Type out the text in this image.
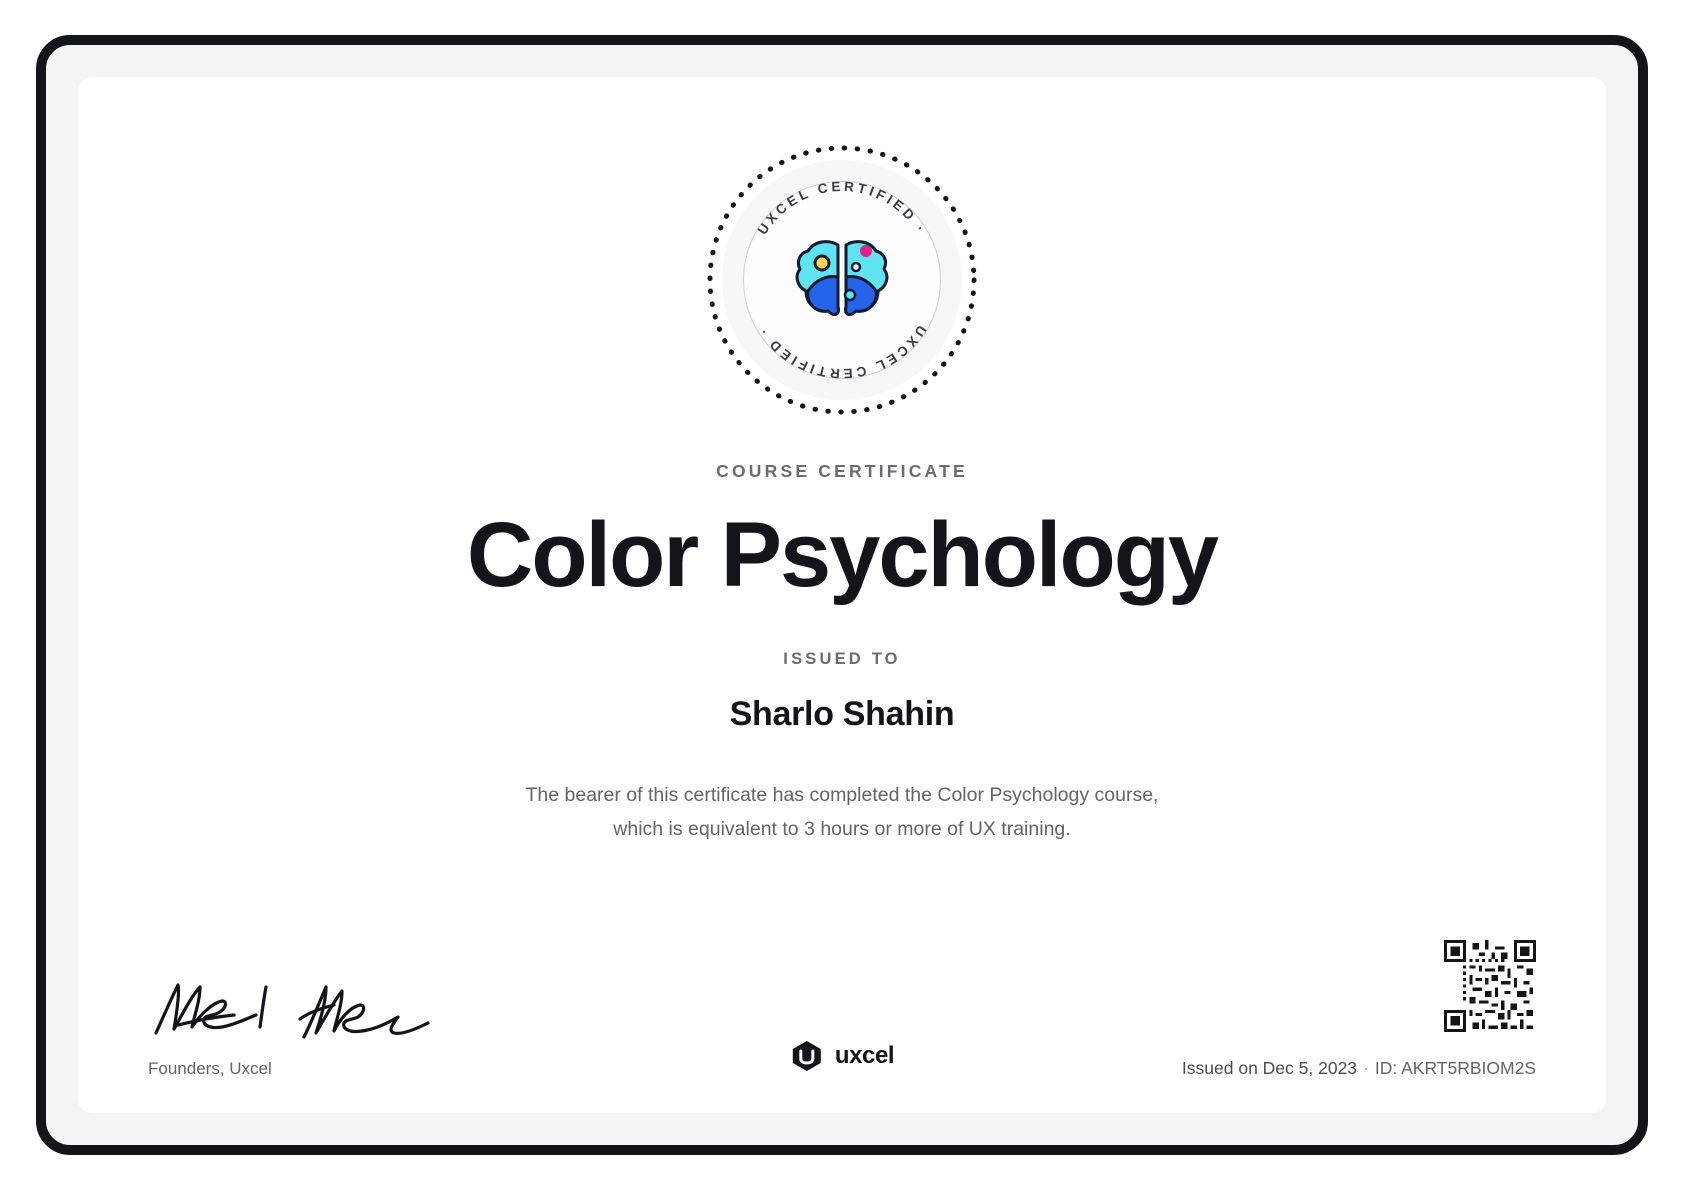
UXCEL CERTIFIED ·
UXCEL CERTIFIED ·
COURSE CERTIFICATE
Color Psychology
ISSUED TO
Sharlo Shahin
The bearer of this certificate has completed the Color Psychology course,
which is equivalent to 3 hours or more of UX training.
Founders, Uxcel	uxcel	Issued on Dec 5, 2023 · ID: AKRT5RBIOM2S
